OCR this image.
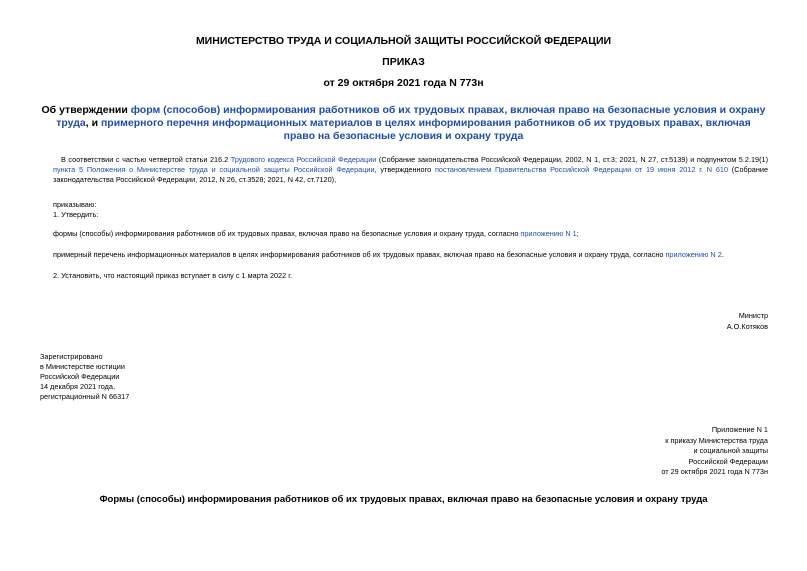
МИНИСТЕРСТВО ТРУДА И СОЦИАЛЬНОЙ ЗАЩИТЫ РОССИЙСКОЙ ФЕДЕРАЦИИ
ПРИКАЗ
от 29 октября 2021 года N 773н
Об утверждении форм (способов) информирования работников об их трудовых правах, включая право на безопасные условия и охрану труда, и примерного перечня информационных материалов в целях информирования работников об их трудовых правах, включая право на безопасные условия и охрану труда
В соответствии с частью четвертой статьи 216.2 Трудового кодекса Российской Федерации (Собрание законодательства Российской Федерации, 2002, N 1, ст.3; 2021, N 27, ст.5139) и подпунктом 5.2.19(1) пункта 5 Положения о Министерстве труда и социальной защиты Российской Федерации, утвержденного постановлением Правительства Российской Федерации от 19 июня 2012 г. N 610 (Собрание законодательства Российской Федерации, 2012, N 26, ст.3528; 2021, N 42, ст.7120),
приказываю:
1. Утвердить:
формы (способы) информирования работников об их трудовых правах, включая право на безопасные условия и охрану труда, согласно приложению N 1;
примерный перечень информационных материалов в целях информирования работников об их трудовых правах, включая право на безопасные условия и охрану труда, согласно приложению N 2.
2. Установить, что настоящий приказ вступает в силу с 1 марта 2022 г.
Министр
А.О.Котяков
Зарегистрировано
в Министерстве юстиции
Российской Федерации
14 декабря 2021 года,
регистрационный N 66317
Приложение N 1
к приказу Министерства труда
и социальной защиты
Российской Федерации
от 29 октября 2021 года N 773н
Формы (способы) информирования работников об их трудовых правах, включая право на безопасные условия и охрану труда
